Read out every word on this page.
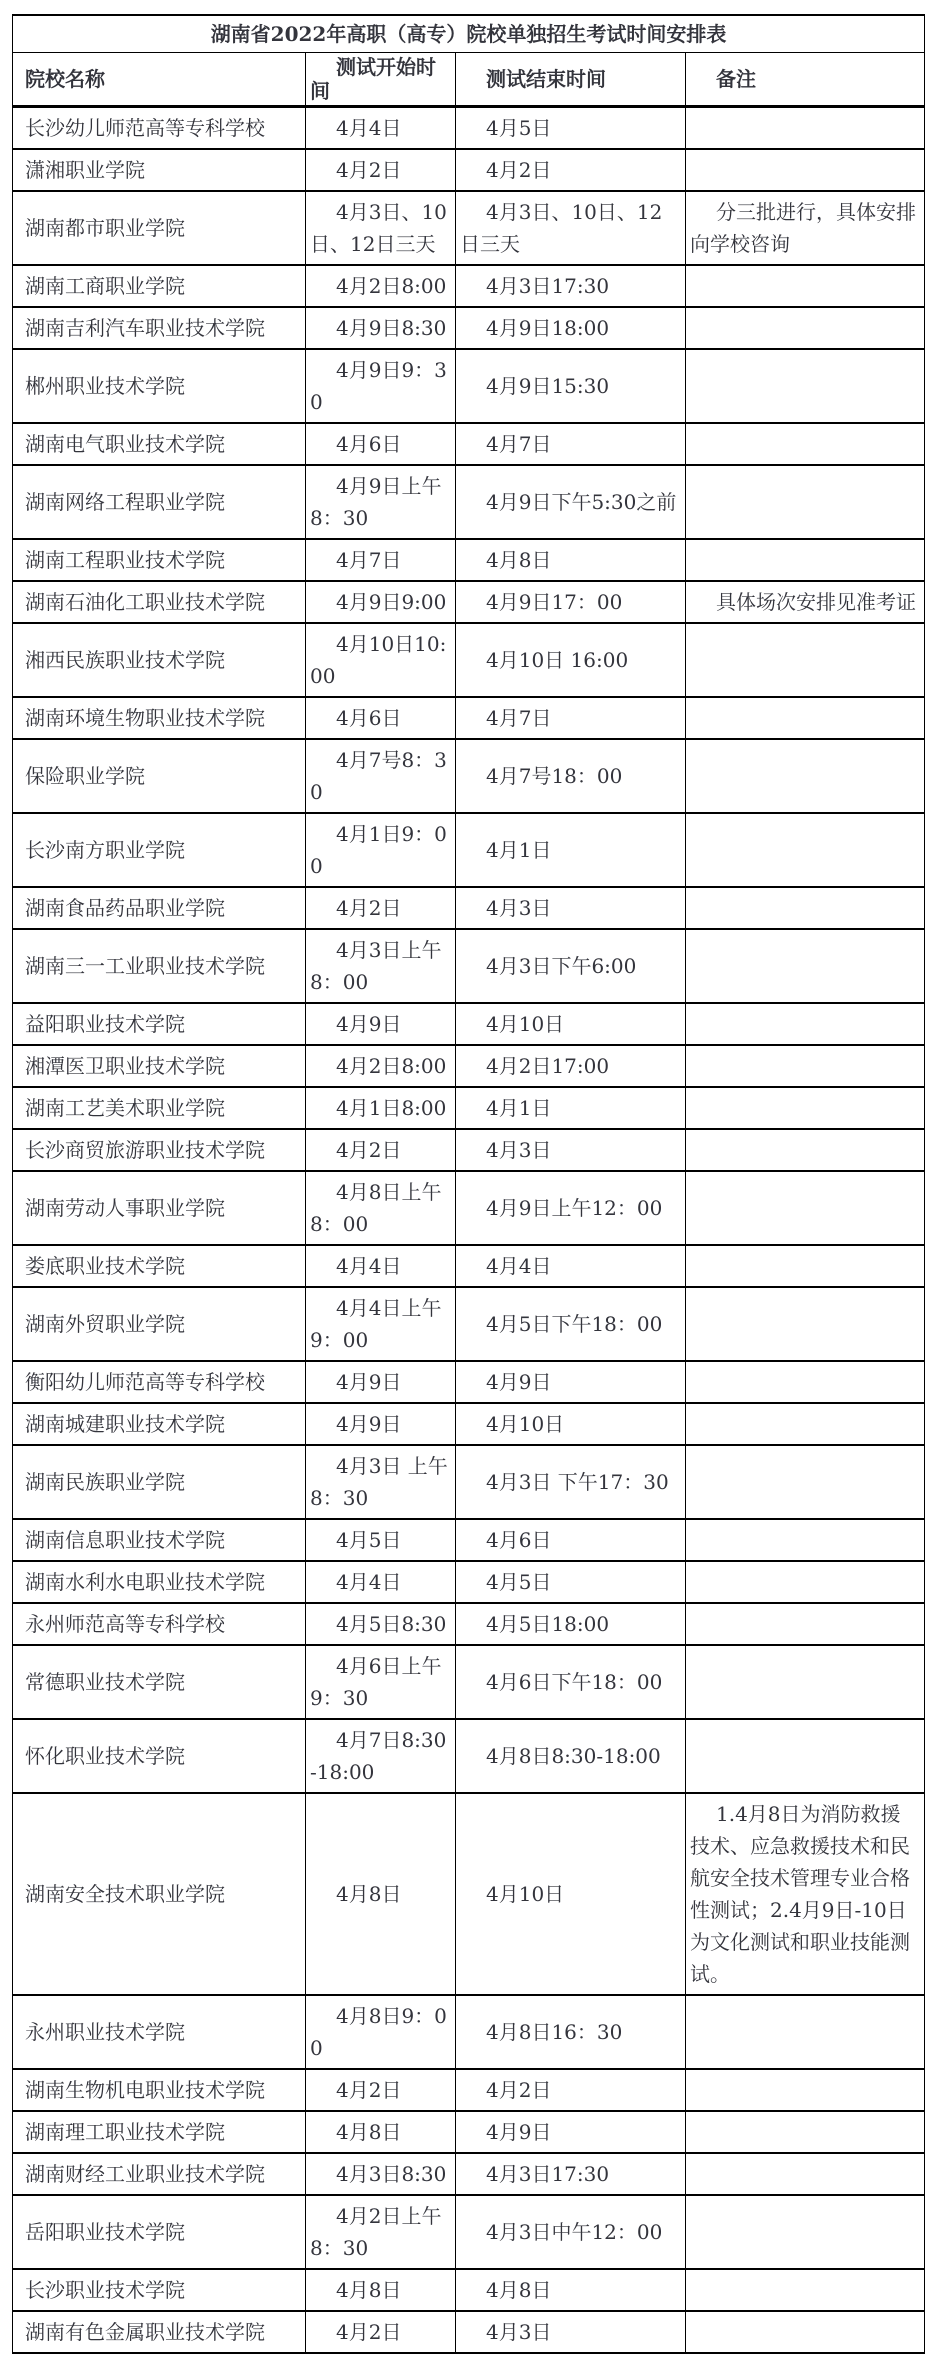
湖南省2022年高职（高专）院校单独招生考试时间安排表			
院校名称	测试开始时间	测试结束时间	备注
长沙幼儿师范高等专科学校	4月4日	4月5日	
潇湘职业学院	4月2日	4月2日	
湖南都市职业学院	4月3日、10日、12日三天	4月3日、10日、12日三天	分三批进行，具体安排向学校咨询
湖南工商职业学院	4月2日8:00	4月3日17:30	
湖南吉利汽车职业技术学院	4月9日8:30	4月9日18:00	
郴州职业技术学院	4月9日9：30	4月9日15:30	
湖南电气职业技术学院	4月6日	4月7日	
湖南网络工程职业学院	4月9日上午8：30	4月9日下午5:30之前	
湖南工程职业技术学院	4月7日	4月8日	
湖南石油化工职业技术学院	4月9日9:00	4月9日17：00	具体场次安排见准考证
湘西民族职业技术学院	4月10日10:00	4月10日 16:00	
湖南环境生物职业技术学院	4月6日	4月7日	
保险职业学院	4月7号8：30	4月7号18：00	
长沙南方职业学院	4月1日9：00	4月1日	
湖南食品药品职业学院	4月2日	4月3日	
湖南三一工业职业技术学院	4月3日上午8：00	4月3日下午6:00	
益阳职业技术学院	4月9日	4月10日	
湘潭医卫职业技术学院	4月2日8:00	4月2日17:00	
湖南工艺美术职业学院	4月1日8:00	4月1日	
长沙商贸旅游职业技术学院	4月2日	4月3日	
湖南劳动人事职业学院	4月8日上午8：00	4月9日上午12：00	
娄底职业技术学院	4月4日	4月4日	
湖南外贸职业学院	4月4日上午9：00	4月5日下午18：00	
衡阳幼儿师范高等专科学校	4月9日	4月9日	
湖南城建职业技术学院	4月9日	4月10日	
湖南民族职业学院	4月3日 上午8：30	4月3日 下午17：30	
湖南信息职业技术学院	4月5日	4月6日	
湖南水利水电职业技术学院	4月4日	4月5日	
永州师范高等专科学校	4月5日8:30	4月5日18:00	
常德职业技术学院	4月6日上午9：30	4月6日下午18：00	
怀化职业技术学院	4月7日8:30-18:00	4月8日8:30-18:00	
湖南安全技术职业学院	4月8日	4月10日	1.4月8日为消防救援技术、应急救援技术和民航安全技术管理专业合格性测试；2.4月9日-10日为文化测试和职业技能测试。
永州职业技术学院	4月8日9：00	4月8日16：30	
湖南生物机电职业技术学院	4月2日	4月2日	
湖南理工职业技术学院	4月8日	4月9日	
湖南财经工业职业技术学院	4月3日8:30	4月3日17:30	
岳阳职业技术学院	4月2日上午8：30	4月3日中午12：00	
长沙职业技术学院	4月8日	4月8日	
湖南有色金属职业技术学院	4月2日	4月3日	
